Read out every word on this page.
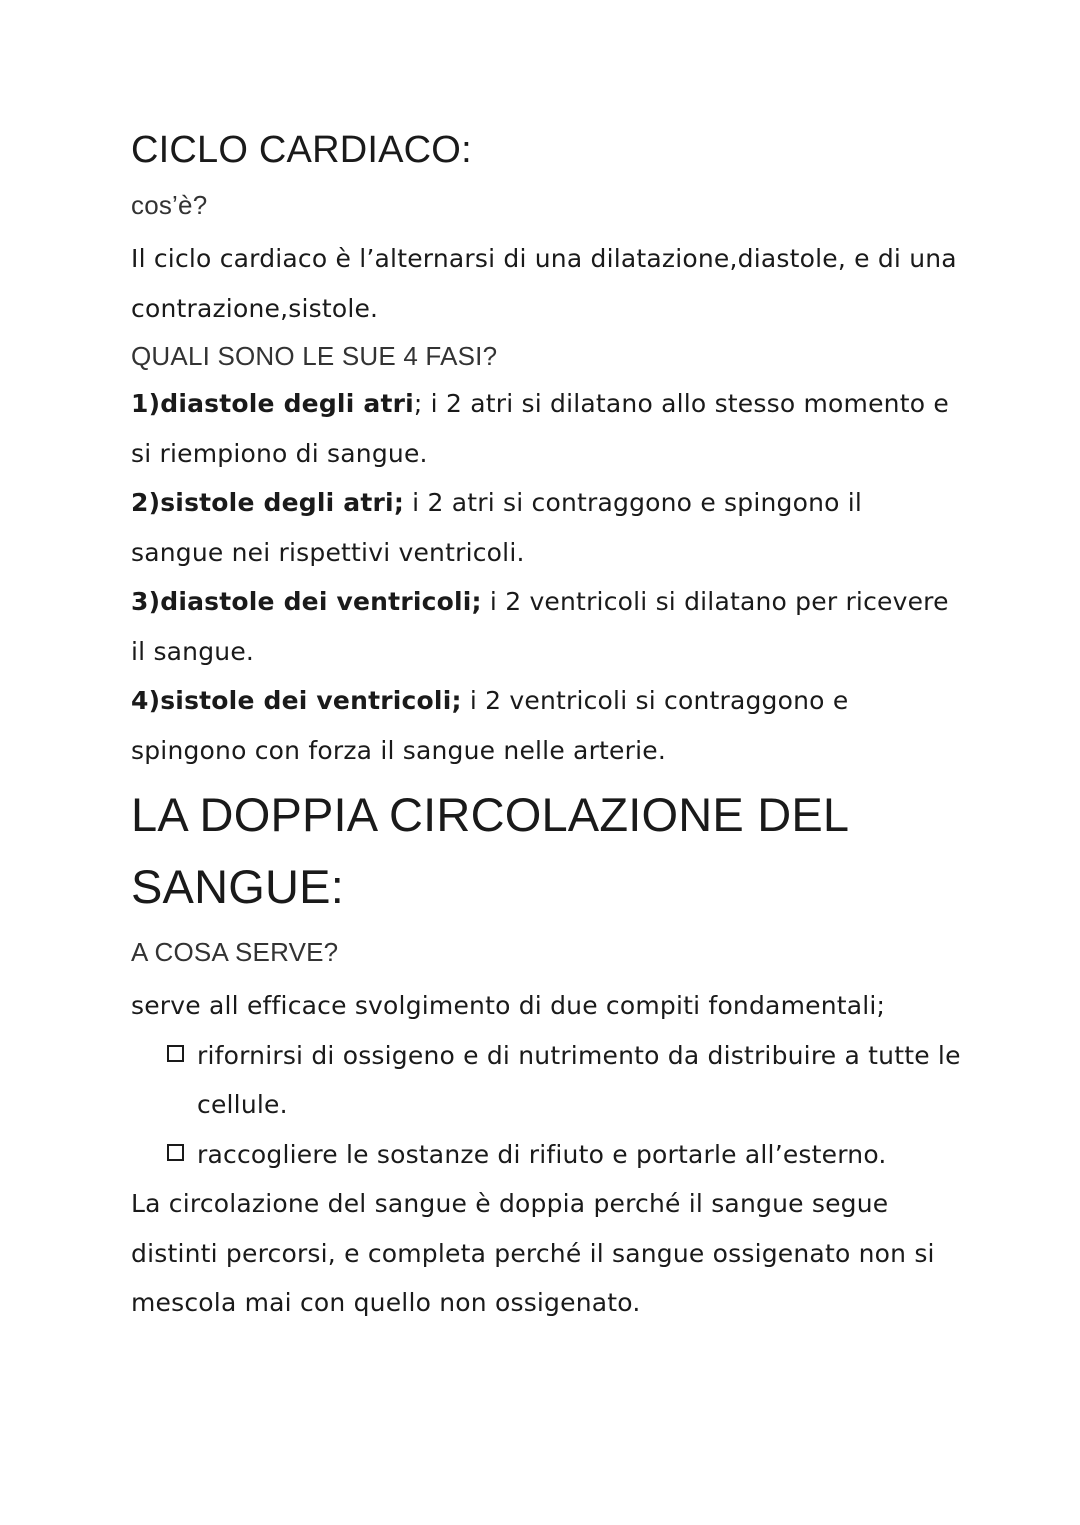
CICLO CARDIACO:
cos’è?

Il ciclo cardiaco è l’alternarsi di una dilatazione,diastole, e di una contrazione,sistole.

QUALI SONO LE SUE 4 FASI?

1)diastole degli atri; i 2 atri si dilatano allo stesso momento e si riempiono di sangue.

2)sistole degli atri; i 2 atri si contraggono e spingono il sangue nei rispettivi ventricoli.

3)diastole dei ventricoli; i 2 ventricoli si dilatano per ricevere il sangue.

4)sistole dei ventricoli; i 2 ventricoli si contraggono e spingono con forza il sangue nelle arterie.

LA DOPPIA CIRCOLAZIONE DEL SANGUE:
A COSA SERVE?

serve all efficace svolgimento di due compiti fondamentali;

rifornirsi di ossigeno e di nutrimento da distribuire a tutte le cellule.
raccogliere le sostanze di rifiuto e portarle all’esterno.

La circolazione del sangue è doppia perché il sangue segue distinti percorsi, e completa perché il sangue ossigenato non si mescola mai con quello non ossigenato.
